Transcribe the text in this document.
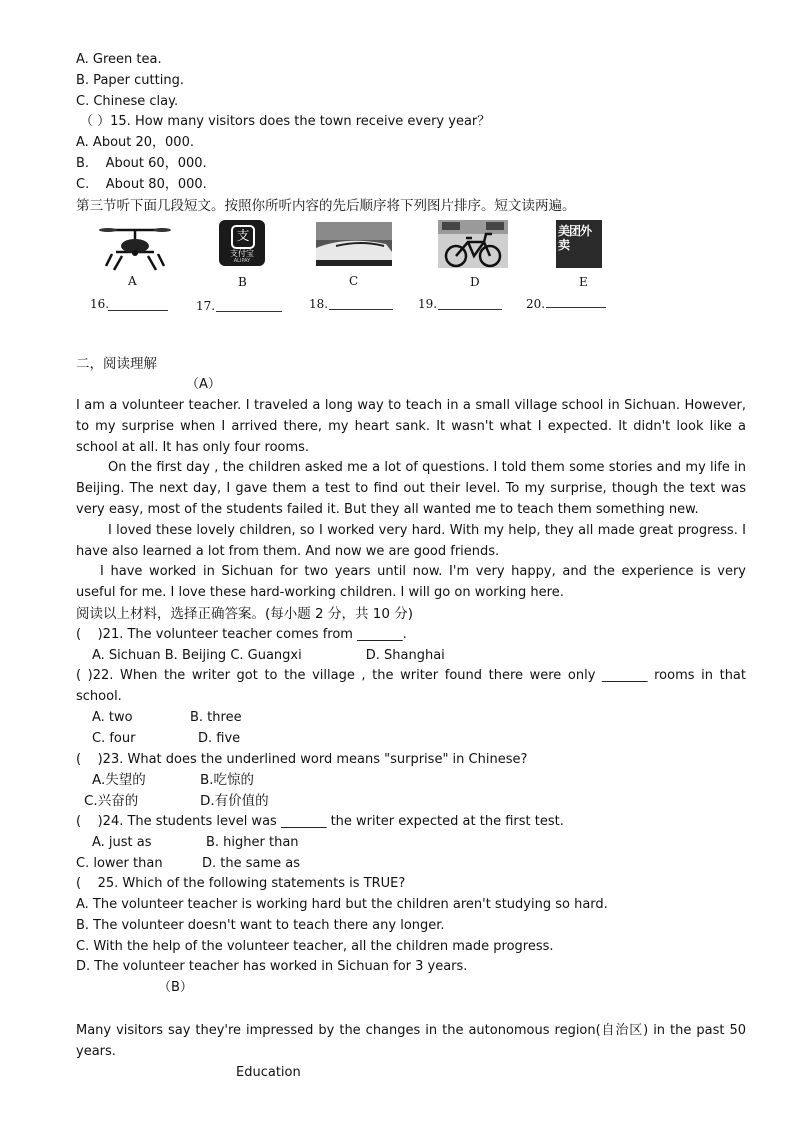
A. Green tea.
B. Paper cutting.
C. Chinese clay.
（ ）15. How many visitors does the town receive every year？
A. About 20，000.
B.    About 60，000.
C.    About 80，000.
第三节听下面几段短文。按照你所听内容的先后顺序将下列图片排序。短文读两遍。
A
支
支付宝
ALIPAY
B	C	D
美团外卖
E
16.	17.	18.	19.	20.
二，阅读理解
（A）
I am a volunteer teacher. I traveled a long way to teach in a small village school in Sichuan. However, to my surprise when I arrived there, my heart sank. It wasn't what I expected. It didn't look like a school at all. It has only four rooms.
On the first day , the children asked me a lot of questions. I told them some stories and my life in Beijing. The next day, I gave them a test to find out their level. To my surprise, though the text was very easy, most of the students failed it. But they all wanted me to teach them something new.
I loved these lovely children, so I worked very hard. With my help, they all made great progress. I have also learned a lot from them. And now we are good friends.
I have worked in Sichuan for two years until now. I'm very happy, and the experience is very useful for me. I love these hard-working children. I will go on working here.
阅读以上材料，选择正确答案。(每小题 2 分，共 10 分)
(    )21. The volunteer teacher comes from _______.
A. Sichuan B. Beijing C. Guangxi	D. Shanghai
( )22. When the writer got to the village , the writer found there were only _______ rooms in that school.
A. two	B. three
C. four	D. five
(    )23. What does the underlined word means "surprise" in Chinese?
A.失望的	B.吃惊的
C.兴奋的	D.有价值的
(    )24. The students level was _______ the writer expected at the first test.
A. just as	B. higher than
C. lower than	D. the same as
(    25. Which of the following statements is TRUE?
A. The volunteer teacher is working hard but the children aren't studying so hard.
B. The volunteer doesn't want to teach there any longer.
C. With the help of the volunteer teacher, all the children made progress.
D. The volunteer teacher has worked in Sichuan for 3 years.
（B）
Many visitors say they're impressed by the changes in the autonomous region(自治区) in the past 50 years.
Education
